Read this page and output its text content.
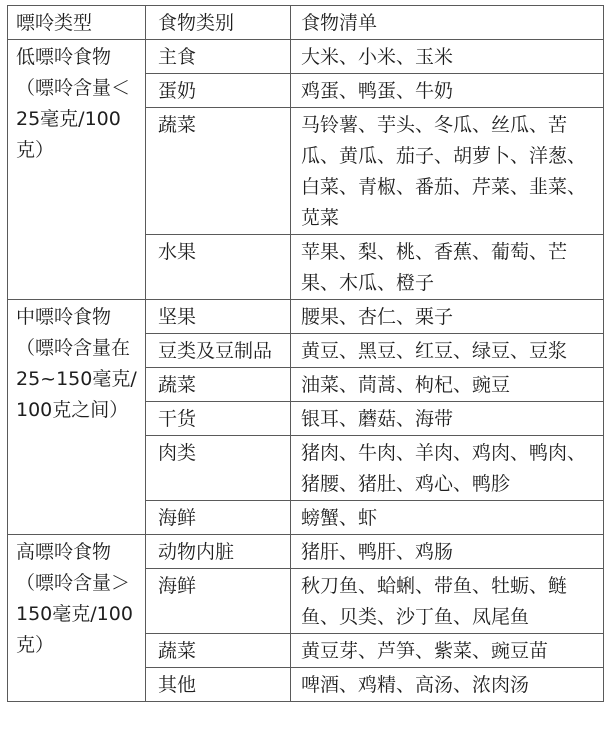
嘌呤类型	食物类别	食物清单
低嘌呤食物（嘌呤含量＜25毫克/100克）	主食	大米、小米、玉米
	蛋奶	鸡蛋、鸭蛋、牛奶
	蔬菜	马铃薯、芋头、冬瓜、丝瓜、苦瓜、黄瓜、茄子、胡萝卜、洋葱、白菜、青椒、番茄、芹菜、韭菜、苋菜
	水果	苹果、梨、桃、香蕉、葡萄、芒果、木瓜、橙子
中嘌呤食物（嘌呤含量在25~150毫克/100克之间）	坚果	腰果、杏仁、栗子
	豆类及豆制品	黄豆、黑豆、红豆、绿豆、豆浆
	蔬菜	油菜、茼蒿、枸杞、豌豆
	干货	银耳、蘑菇、海带
	肉类	猪肉、牛肉、羊肉、鸡肉、鸭肉、猪腰、猪肚、鸡心、鸭胗
	海鲜	螃蟹、虾
高嘌呤食物（嘌呤含量＞150毫克/100克）	动物内脏	猪肝、鸭肝、鸡肠
	海鲜	秋刀鱼、蛤蜊、带鱼、牡蛎、鲢鱼、贝类、沙丁鱼、凤尾鱼
	蔬菜	黄豆芽、芦笋、紫菜、豌豆苗
	其他	啤酒、鸡精、高汤、浓肉汤
